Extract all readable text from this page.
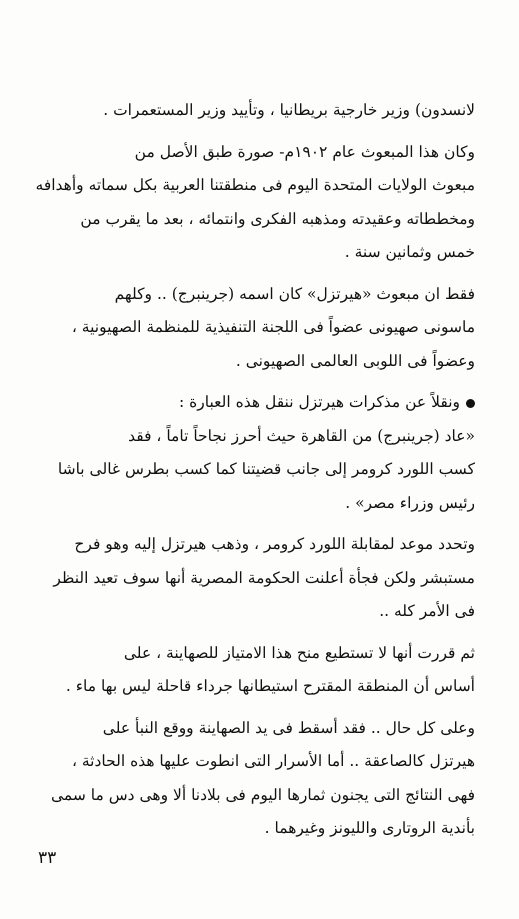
لانسدون) وزير خارجية بريطانيا ، وتأييد وزير المستعمرات .
وكان هذا المبعوث عام ١٩٠٢م- صورة طبق الأصل من
مبعوث الولايات المتحدة اليوم فى منطقتنا العربية بكل سماته وأهدافه
ومخططاته وعقيدته ومذهبه الفكرى وانتمائه ، بعد ما يقرب من
خمس وثمانين سنة .
فقط ان مبعوث «هيرتزل» كان اسمه (جرينبرج) .. وكلهم
ماسونى صهيونى عضواً فى اللجنة التنفيذية للمنظمة الصهيونية ،
وعضواً فى اللوبى العالمى الصهيونى .
ونقلاً عن مذكرات هيرتزل ننقل هذه العبارة :
«عاد (جرينبرج) من القاهرة حيث أحرز نجاحاً تاماً ، فقد
كسب اللورد كرومر إلى جانب قضيتنا كما كسب بطرس غالى باشا
رئيس وزراء مصر» .
وتحدد موعد لمقابلة اللورد كرومر ، وذهب هيرتزل إليه وهو فرح
مستبشر ولكن فجأة أعلنت الحكومة المصرية أنها سوف تعيد النظر
فى الأمر كله ..
ثم قررت أنها لا تستطيع منح هذا الامتياز للصهاينة ، على
أساس أن المنطقة المقترح استيطانها جرداء قاحلة ليس بها ماء .
وعلى كل حال .. فقد أسقط فى يد الصهاينة ووقع النبأ على
هيرتزل كالصاعقة .. أما الأسرار التى انطوت عليها هذه الحادثة ،
فهى النتائج التى يجنون ثمارها اليوم فى بلادنا ألا وهى دس ما سمى
بأندية الروتارى والليونز وغيرهما .
٣٣
